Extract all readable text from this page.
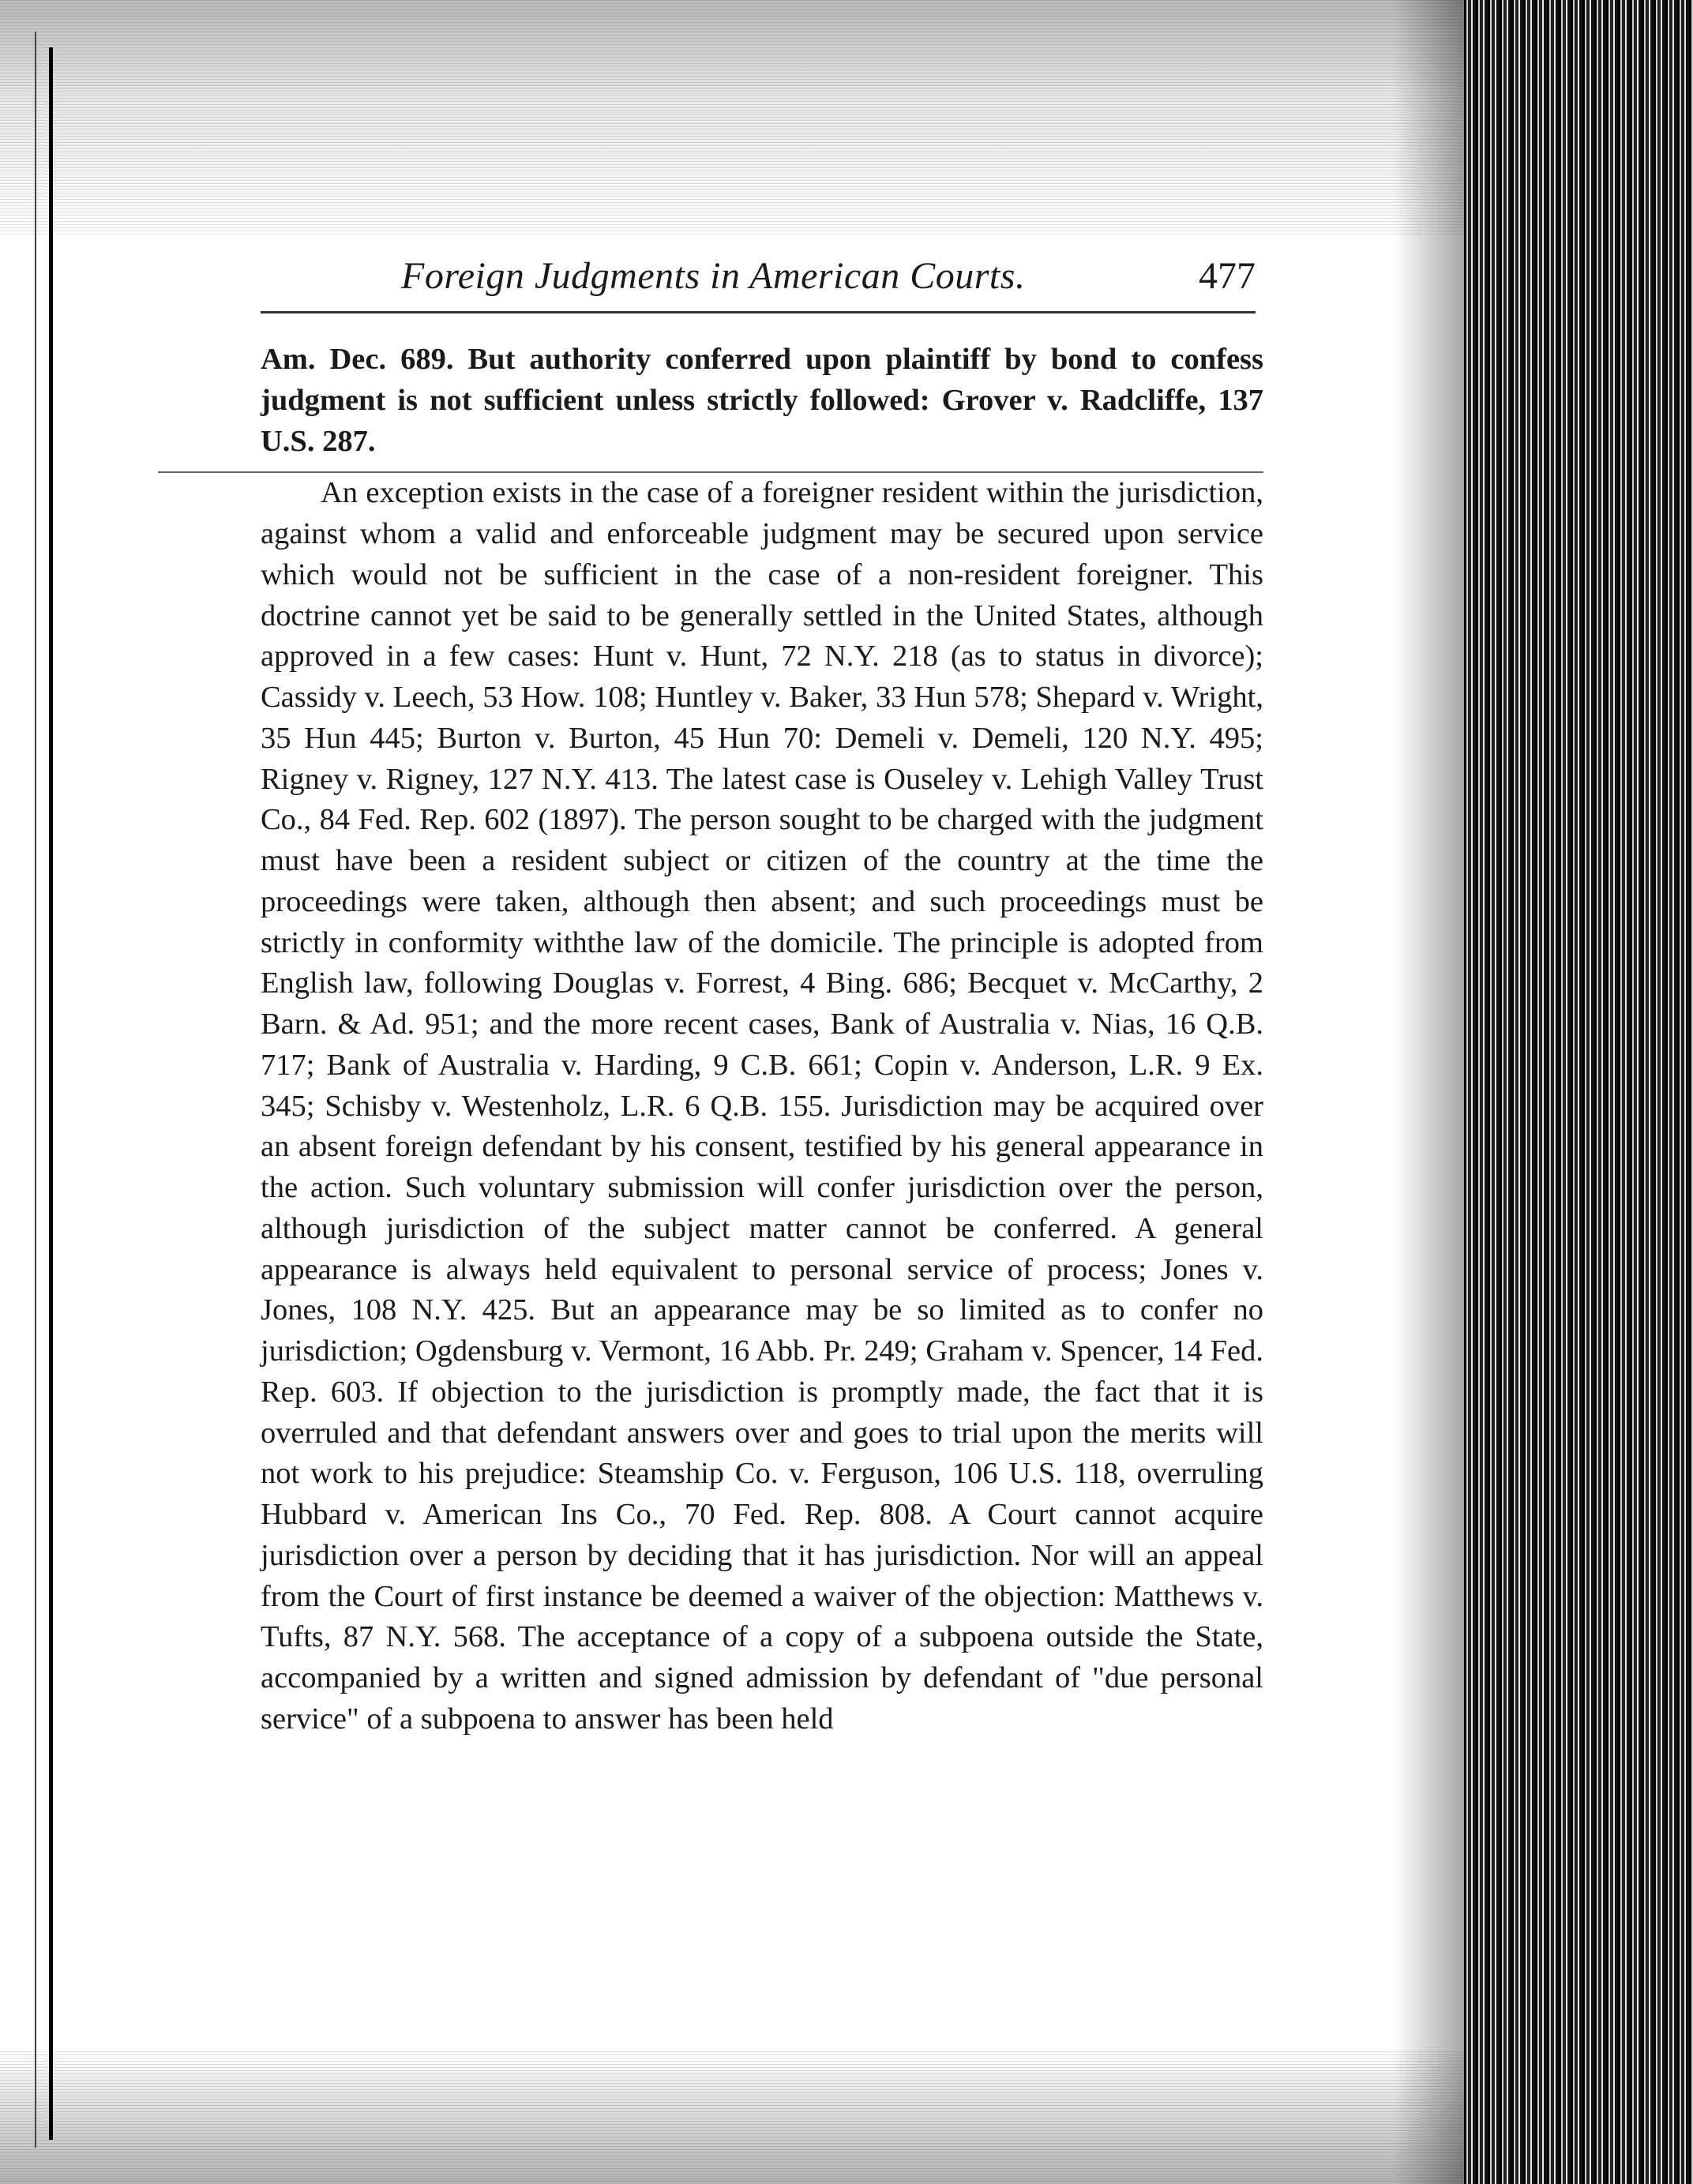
Foreign Judgments in American Courts.	477

Am. Dec. 689. But authority conferred upon plaintiff by bond to confess judgment is not sufficient unless strictly followed: Grover v. Radcliffe, 137 U.S. 287.

An exception exists in the case of a foreigner resident within the jurisdiction, against whom a valid and enforceable judgment may be secured upon service which would not be sufficient in the case of a non-resident foreigner. This doctrine cannot yet be said to be generally settled in the United States, although approved in a few cases: Hunt v. Hunt, 72 N.Y. 218 (as to status in divorce); Cassidy v. Leech, 53 How. 108; Huntley v. Baker, 33 Hun 578; Shepard v. Wright, 35 Hun 445; Burton v. Burton, 45 Hun 70: Demeli v. Demeli, 120 N.Y. 495; Rigney v. Rigney, 127 N.Y. 413. The latest case is Ouseley v. Lehigh Valley Trust Co., 84 Fed. Rep. 602 (1897). The person sought to be charged with the judgment must have been a resident subject or citizen of the country at the time the proceedings were taken, although then absent; and such proceedings must be strictly in conformity withthe law of the domicile. The principle is adopted from English law, following Douglas v. Forrest, 4 Bing. 686; Becquet v. McCarthy, 2 Barn. & Ad. 951; and the more recent cases, Bank of Australia v. Nias, 16 Q.B. 717; Bank of Australia v. Harding, 9 C.B. 661; Copin v. Anderson, L.R. 9 Ex. 345; Schisby v. Westenholz, L.R. 6 Q.B. 155. Jurisdiction may be acquired over an absent foreign defendant by his consent, testified by his general appearance in the action. Such voluntary submission will confer jurisdiction over the person, although jurisdiction of the subject matter cannot be conferred. A general appearance is always held equivalent to personal service of process; Jones v. Jones, 108 N.Y. 425. But an appearance may be so limited as to confer no jurisdiction; Ogdensburg v. Vermont, 16 Abb. Pr. 249; Graham v. Spencer, 14 Fed. Rep. 603. If objection to the jurisdiction is promptly made, the fact that it is overruled and that defendant answers over and goes to trial upon the merits will not work to his prejudice: Steamship Co. v. Ferguson, 106 U.S. 118, overruling Hubbard v. American Ins Co., 70 Fed. Rep. 808. A Court cannot acquire jurisdiction over a person by deciding that it has jurisdiction. Nor will an appeal from the Court of first instance be deemed a waiver of the objection: Matthews v. Tufts, 87 N.Y. 568. The acceptance of a copy of a subpoena outside the State, accompanied by a written and signed admission by defendant of "due personal service" of a subpoena to answer has been held
